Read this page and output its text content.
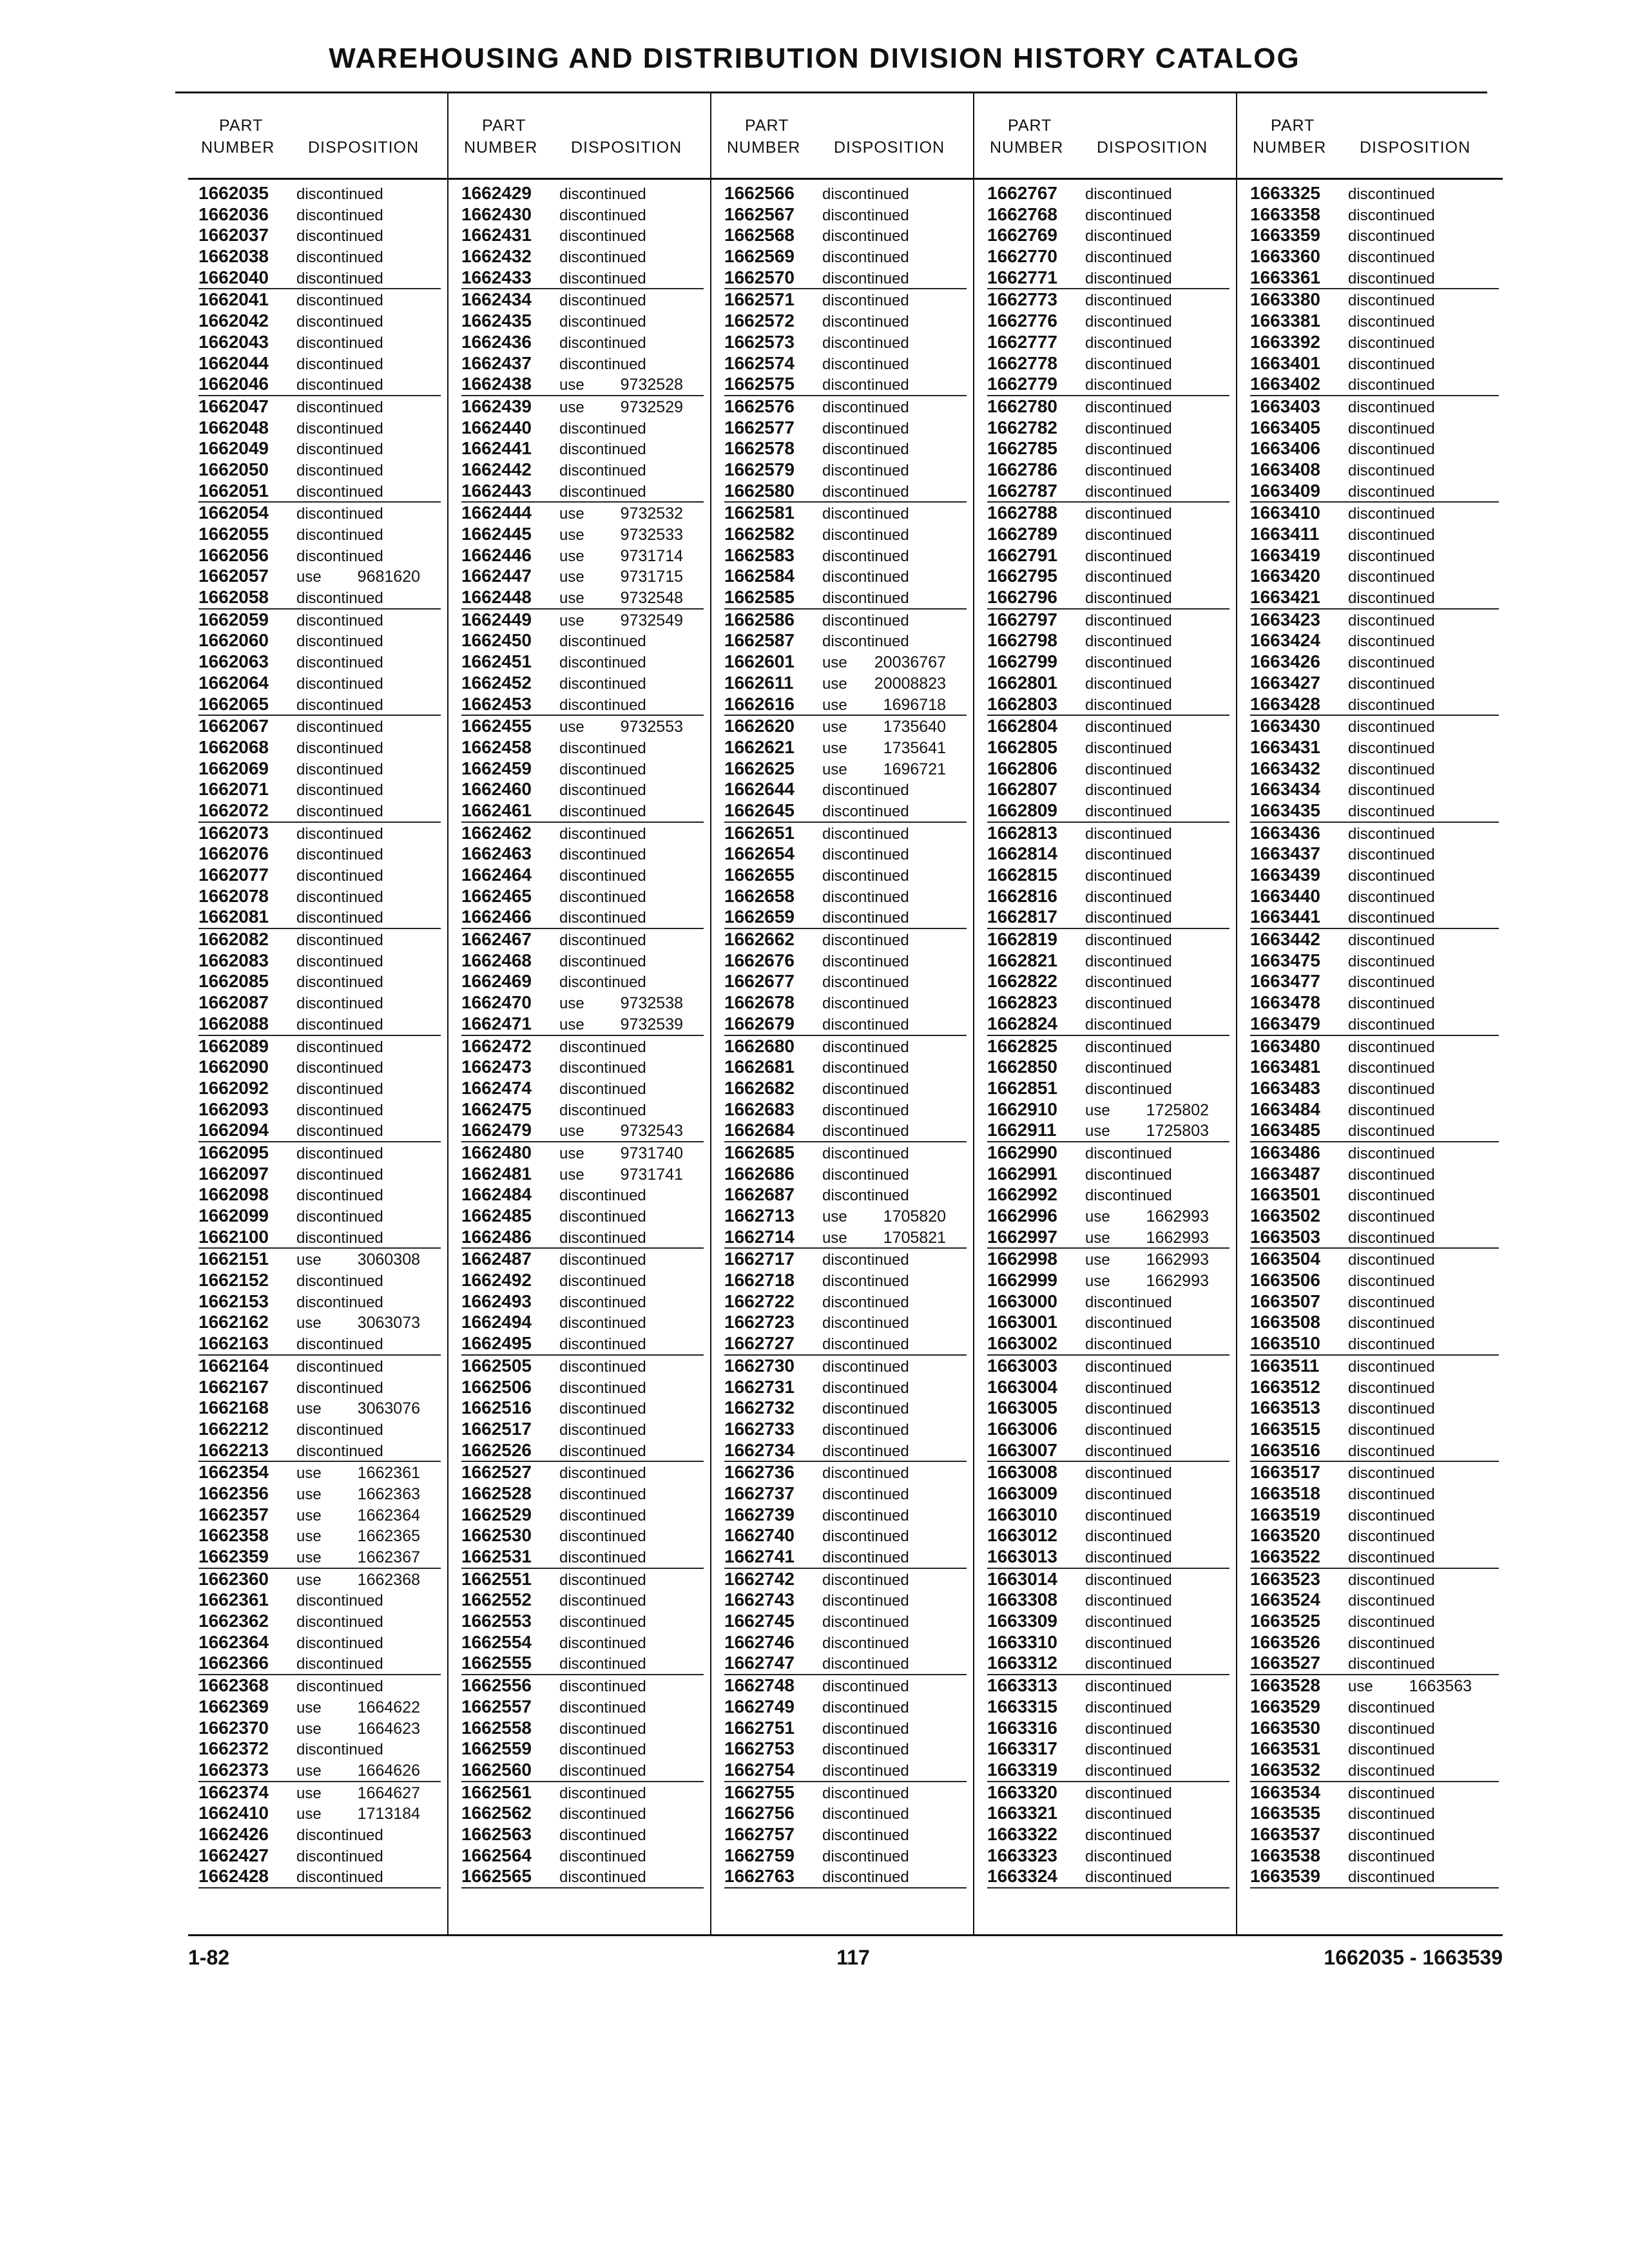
WAREHOUSING AND DISTRIBUTION DIVISION HISTORY CATALOG
PART
NUMBER DISPOSITION
PART
NUMBER DISPOSITION
PART
NUMBER DISPOSITION
PART
NUMBER DISPOSITION
PART
NUMBER DISPOSITION
1662035 discontinued
1662036 discontinued
1662037 discontinued
1662038 discontinued
1662040 discontinued
1662041 discontinued
1662042 discontinued
1662043 discontinued
1662044 discontinued
1662046 discontinued
1662047 discontinued
1662048 discontinued
1662049 discontinued
1662050 discontinued
1662051 discontinued
1662054 discontinued
1662055 discontinued
1662056 discontinued
1662057 use 9681620
1662058 discontinued
1662059 discontinued
1662060 discontinued
1662063 discontinued
1662064 discontinued
1662065 discontinued
1662067 discontinued
1662068 discontinued
1662069 discontinued
1662071 discontinued
1662072 discontinued
1662073 discontinued
1662076 discontinued
1662077 discontinued
1662078 discontinued
1662081 discontinued
1662082 discontinued
1662083 discontinued
1662085 discontinued
1662087 discontinued
1662088 discontinued
1662089 discontinued
1662090 discontinued
1662092 discontinued
1662093 discontinued
1662094 discontinued
1662095 discontinued
1662097 discontinued
1662098 discontinued
1662099 discontinued
1662100 discontinued
1662151 use 3060308
1662152 discontinued
1662153 discontinued
1662162 use 3063073
1662163 discontinued
1662164 discontinued
1662167 discontinued
1662168 use 3063076
1662212 discontinued
1662213 discontinued
1662354 use 1662361
1662356 use 1662363
1662357 use 1662364
1662358 use 1662365
1662359 use 1662367
1662360 use 1662368
1662361 discontinued
1662362 discontinued
1662364 discontinued
1662366 discontinued
1662368 discontinued
1662369 use 1664622
1662370 use 1664623
1662372 discontinued
1662373 use 1664626
1662374 use 1664627
1662410 use 1713184
1662426 discontinued
1662427 discontinued
1662428 discontinued
1662429 discontinued
1662430 discontinued
1662431 discontinued
1662432 discontinued
1662433 discontinued
1662434 discontinued
1662435 discontinued
1662436 discontinued
1662437 discontinued
1662438 use 9732528
1662439 use 9732529
1662440 discontinued
1662441 discontinued
1662442 discontinued
1662443 discontinued
1662444 use 9732532
1662445 use 9732533
1662446 use 9731714
1662447 use 9731715
1662448 use 9732548
1662449 use 9732549
1662450 discontinued
1662451 discontinued
1662452 discontinued
1662453 discontinued
1662455 use 9732553
1662458 discontinued
1662459 discontinued
1662460 discontinued
1662461 discontinued
1662462 discontinued
1662463 discontinued
1662464 discontinued
1662465 discontinued
1662466 discontinued
1662467 discontinued
1662468 discontinued
1662469 discontinued
1662470 use 9732538
1662471 use 9732539
1662472 discontinued
1662473 discontinued
1662474 discontinued
1662475 discontinued
1662479 use 9732543
1662480 use 9731740
1662481 use 9731741
1662484 discontinued
1662485 discontinued
1662486 discontinued
1662487 discontinued
1662492 discontinued
1662493 discontinued
1662494 discontinued
1662495 discontinued
1662505 discontinued
1662506 discontinued
1662516 discontinued
1662517 discontinued
1662526 discontinued
1662527 discontinued
1662528 discontinued
1662529 discontinued
1662530 discontinued
1662531 discontinued
1662551 discontinued
1662552 discontinued
1662553 discontinued
1662554 discontinued
1662555 discontinued
1662556 discontinued
1662557 discontinued
1662558 discontinued
1662559 discontinued
1662560 discontinued
1662561 discontinued
1662562 discontinued
1662563 discontinued
1662564 discontinued
1662565 discontinued
1662566 discontinued
1662567 discontinued
1662568 discontinued
1662569 discontinued
1662570 discontinued
1662571 discontinued
1662572 discontinued
1662573 discontinued
1662574 discontinued
1662575 discontinued
1662576 discontinued
1662577 discontinued
1662578 discontinued
1662579 discontinued
1662580 discontinued
1662581 discontinued
1662582 discontinued
1662583 discontinued
1662584 discontinued
1662585 discontinued
1662586 discontinued
1662587 discontinued
1662601 use 20036767
1662611 use 20008823
1662616 use 1696718
1662620 use 1735640
1662621 use 1735641
1662625 use 1696721
1662644 discontinued
1662645 discontinued
1662651 discontinued
1662654 discontinued
1662655 discontinued
1662658 discontinued
1662659 discontinued
1662662 discontinued
1662676 discontinued
1662677 discontinued
1662678 discontinued
1662679 discontinued
1662680 discontinued
1662681 discontinued
1662682 discontinued
1662683 discontinued
1662684 discontinued
1662685 discontinued
1662686 discontinued
1662687 discontinued
1662713 use 1705820
1662714 use 1705821
1662717 discontinued
1662718 discontinued
1662722 discontinued
1662723 discontinued
1662727 discontinued
1662730 discontinued
1662731 discontinued
1662732 discontinued
1662733 discontinued
1662734 discontinued
1662736 discontinued
1662737 discontinued
1662739 discontinued
1662740 discontinued
1662741 discontinued
1662742 discontinued
1662743 discontinued
1662745 discontinued
1662746 discontinued
1662747 discontinued
1662748 discontinued
1662749 discontinued
1662751 discontinued
1662753 discontinued
1662754 discontinued
1662755 discontinued
1662756 discontinued
1662757 discontinued
1662759 discontinued
1662763 discontinued
1662767 discontinued
1662768 discontinued
1662769 discontinued
1662770 discontinued
1662771 discontinued
1662773 discontinued
1662776 discontinued
1662777 discontinued
1662778 discontinued
1662779 discontinued
1662780 discontinued
1662782 discontinued
1662785 discontinued
1662786 discontinued
1662787 discontinued
1662788 discontinued
1662789 discontinued
1662791 discontinued
1662795 discontinued
1662796 discontinued
1662797 discontinued
1662798 discontinued
1662799 discontinued
1662801 discontinued
1662803 discontinued
1662804 discontinued
1662805 discontinued
1662806 discontinued
1662807 discontinued
1662809 discontinued
1662813 discontinued
1662814 discontinued
1662815 discontinued
1662816 discontinued
1662817 discontinued
1662819 discontinued
1662821 discontinued
1662822 discontinued
1662823 discontinued
1662824 discontinued
1662825 discontinued
1662850 discontinued
1662851 discontinued
1662910 use 1725802
1662911 use 1725803
1662990 discontinued
1662991 discontinued
1662992 discontinued
1662996 use 1662993
1662997 use 1662993
1662998 use 1662993
1662999 use 1662993
1663000 discontinued
1663001 discontinued
1663002 discontinued
1663003 discontinued
1663004 discontinued
1663005 discontinued
1663006 discontinued
1663007 discontinued
1663008 discontinued
1663009 discontinued
1663010 discontinued
1663012 discontinued
1663013 discontinued
1663014 discontinued
1663308 discontinued
1663309 discontinued
1663310 discontinued
1663312 discontinued
1663313 discontinued
1663315 discontinued
1663316 discontinued
1663317 discontinued
1663319 discontinued
1663320 discontinued
1663321 discontinued
1663322 discontinued
1663323 discontinued
1663324 discontinued
1663325 discontinued
1663358 discontinued
1663359 discontinued
1663360 discontinued
1663361 discontinued
1663380 discontinued
1663381 discontinued
1663392 discontinued
1663401 discontinued
1663402 discontinued
1663403 discontinued
1663405 discontinued
1663406 discontinued
1663408 discontinued
1663409 discontinued
1663410 discontinued
1663411 discontinued
1663419 discontinued
1663420 discontinued
1663421 discontinued
1663423 discontinued
1663424 discontinued
1663426 discontinued
1663427 discontinued
1663428 discontinued
1663430 discontinued
1663431 discontinued
1663432 discontinued
1663434 discontinued
1663435 discontinued
1663436 discontinued
1663437 discontinued
1663439 discontinued
1663440 discontinued
1663441 discontinued
1663442 discontinued
1663475 discontinued
1663477 discontinued
1663478 discontinued
1663479 discontinued
1663480 discontinued
1663481 discontinued
1663483 discontinued
1663484 discontinued
1663485 discontinued
1663486 discontinued
1663487 discontinued
1663501 discontinued
1663502 discontinued
1663503 discontinued
1663504 discontinued
1663506 discontinued
1663507 discontinued
1663508 discontinued
1663510 discontinued
1663511 discontinued
1663512 discontinued
1663513 discontinued
1663515 discontinued
1663516 discontinued
1663517 discontinued
1663518 discontinued
1663519 discontinued
1663520 discontinued
1663522 discontinued
1663523 discontinued
1663524 discontinued
1663525 discontinued
1663526 discontinued
1663527 discontinued
1663528 use 1663563
1663529 discontinued
1663530 discontinued
1663531 discontinued
1663532 discontinued
1663534 discontinued
1663535 discontinued
1663537 discontinued
1663538 discontinued
1663539 discontinued
1-82	117	1662035 - 1663539
